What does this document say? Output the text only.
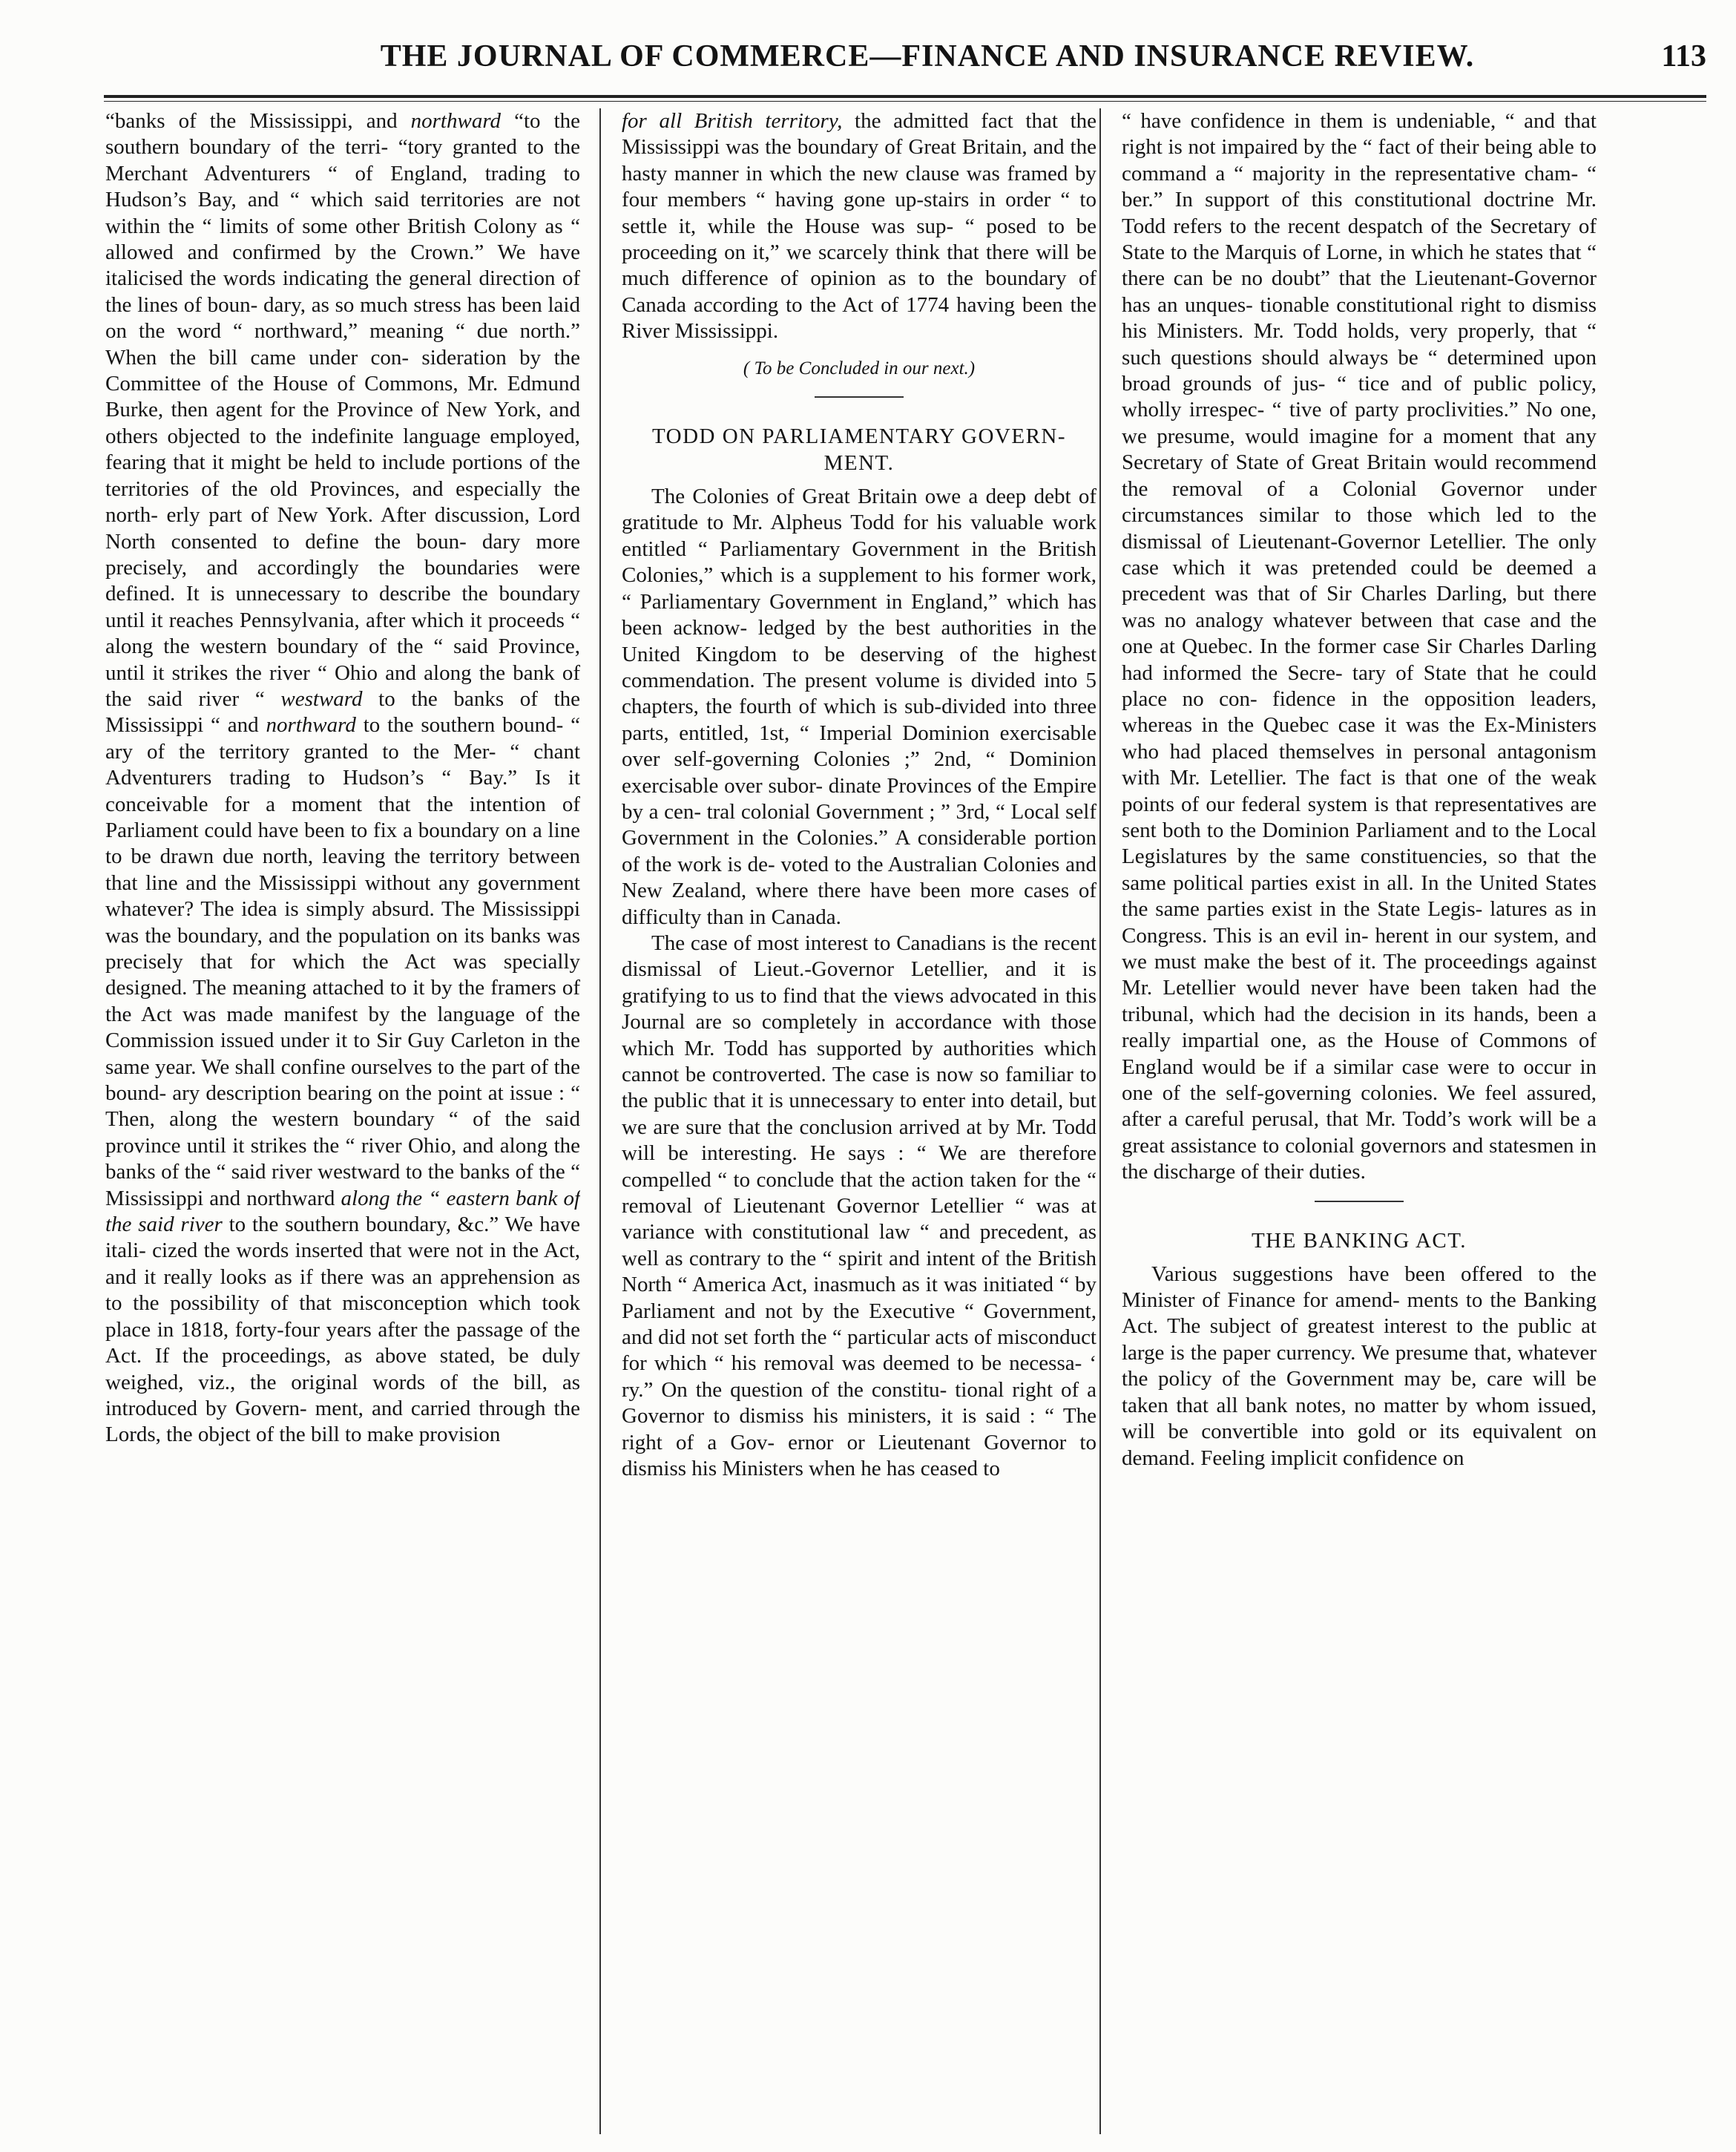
THE JOURNAL OF COMMERCE—FINANCE AND INSURANCE REVIEW.	113

“banks of the Mississippi, and northward “to the southern boundary of the terri- “tory granted to the Merchant Adventurers “ of England, trading to Hudson’s Bay, and “ which said territories are not within the “ limits of some other British Colony as “ allowed and confirmed by the Crown.” We have italicised the words indicating the general direction of the lines of boun- dary, as so much stress has been laid on the word “ northward,” meaning “ due north.” When the bill came under con- sideration by the Committee of the House of Commons, Mr. Edmund Burke, then agent for the Province of New York, and others objected to the indefinite language employed, fearing that it might be held to include portions of the territories of the old Provinces, and especially the north- erly part of New York. After discussion, Lord North consented to define the boun- dary more precisely, and accordingly the boundaries were defined. It is unnecessary to describe the boundary until it reaches Pennsylvania, after which it proceeds “ along the western boundary of the “ said Province, until it strikes the river “ Ohio and along the bank of the said river “ westward to the banks of the Mississippi “ and northward to the southern bound- “ ary of the territory granted to the Mer- “ chant Adventurers trading to Hudson’s “ Bay.” Is it conceivable for a moment that the intention of Parliament could have been to fix a boundary on a line to be drawn due north, leaving the territory between that line and the Mississippi without any government whatever? The idea is simply absurd. The Mississippi was the boundary, and the population on its banks was precisely that for which the Act was specially designed. The meaning attached to it by the framers of the Act was made manifest by the language of the Commission issued under it to Sir Guy Carleton in the same year. We shall confine ourselves to the part of the bound- ary description bearing on the point at issue : “ Then, along the western boundary “ of the said province until it strikes the “ river Ohio, and along the banks of the “ said river westward to the banks of the “ Mississippi and northward along the “ eastern bank of the said river to the southern boundary, &c.” We have itali- cized the words inserted that were not in the Act, and it really looks as if there was an apprehension as to the possibility of that misconception which took place in 1818, forty-four years after the passage of the Act. If the proceedings, as above stated, be duly weighed, viz., the original words of the bill, as introduced by Govern- ment, and carried through the Lords, the object of the bill to make provision

for all British territory, the admitted fact that the Mississippi was the boundary of Great Britain, and the hasty manner in which the new clause was framed by four members “ having gone up-stairs in order “ to settle it, while the House was sup- “ posed to be proceeding on it,” we scarcely think that there will be much difference of opinion as to the boundary of Canada according to the Act of 1774 having been the River Mississippi.

( To be Concluded in our next.)
TODD ON PARLIAMENTARY GOVERN- MENT.

The Colonies of Great Britain owe a deep debt of gratitude to Mr. Alpheus Todd for his valuable work entitled “ Parliamentary Government in the British Colonies,” which is a supplement to his former work, “ Parliamentary Government in England,” which has been acknow- ledged by the best authorities in the United Kingdom to be deserving of the highest commendation. The present volume is divided into 5 chapters, the fourth of which is sub-divided into three parts, entitled, 1st, “ Imperial Dominion exercisable over self-governing Colonies ;” 2nd, “ Dominion exercisable over subor- dinate Provinces of the Empire by a cen- tral colonial Government ; ” 3rd, “ Local self Government in the Colonies.” A considerable portion of the work is de- voted to the Australian Colonies and New Zealand, where there have been more cases of difficulty than in Canada.

The case of most interest to Canadians is the recent dismissal of Lieut.-Governor Letellier, and it is gratifying to us to find that the views advocated in this Journal are so completely in accordance with those which Mr. Todd has supported by authorities which cannot be controverted. The case is now so familiar to the public that it is unnecessary to enter into detail, but we are sure that the conclusion arrived at by Mr. Todd will be interesting. He says : “ We are therefore compelled “ to conclude that the action taken for the “ removal of Lieutenant Governor Letellier “ was at variance with constitutional law “ and precedent, as well as contrary to the “ spirit and intent of the British North “ America Act, inasmuch as it was initiated “ by Parliament and not by the Executive “ Government, and did not set forth the “ particular acts of misconduct for which “ his removal was deemed to be necessa- ‘ ry.” On the question of the constitu- tional right of a Governor to dismiss his ministers, it is said : “ The right of a Gov- ernor or Lieutenant Governor to dismiss his Ministers when he has ceased to

“ have confidence in them is undeniable, “ and that right is not impaired by the “ fact of their being able to command a “ majority in the representative cham- “ ber.” In support of this constitutional doctrine Mr. Todd refers to the recent despatch of the Secretary of State to the Marquis of Lorne, in which he states that “ there can be no doubt” that the Lieutenant-Governor has an unques- tionable constitutional right to dismiss his Ministers. Mr. Todd holds, very properly, that “ such questions should always be “ determined upon broad grounds of jus- “ tice and of public policy, wholly irrespec- “ tive of party proclivities.” No one, we presume, would imagine for a moment that any Secretary of State of Great Britain would recommend the removal of a Colonial Governor under circumstances similar to those which led to the dismissal of Lieutenant-Governor Letellier. The only case which it was pretended could be deemed a precedent was that of Sir Charles Darling, but there was no analogy whatever between that case and the one at Quebec. In the former case Sir Charles Darling had informed the Secre- tary of State that he could place no con- fidence in the opposition leaders, whereas in the Quebec case it was the Ex-Ministers who had placed themselves in personal antagonism with Mr. Letellier. The fact is that one of the weak points of our federal system is that representatives are sent both to the Dominion Parliament and to the Local Legislatures by the same constituencies, so that the same political parties exist in all. In the United States the same parties exist in the State Legis- latures as in Congress. This is an evil in- herent in our system, and we must make the best of it. The proceedings against Mr. Letellier would never have been taken had the tribunal, which had the decision in its hands, been a really impartial one, as the House of Commons of England would be if a similar case were to occur in one of the self-governing colonies. We feel assured, after a careful perusal, that Mr. Todd’s work will be a great assistance to colonial governors and statesmen in the discharge of their duties.

THE BANKING ACT.

Various suggestions have been offered to the Minister of Finance for amend- ments to the Banking Act. The subject of greatest interest to the public at large is the paper currency. We presume that, whatever the policy of the Government may be, care will be taken that all bank notes, no matter by whom issued, will be convertible into gold or its equivalent on demand. Feeling implicit confidence on
